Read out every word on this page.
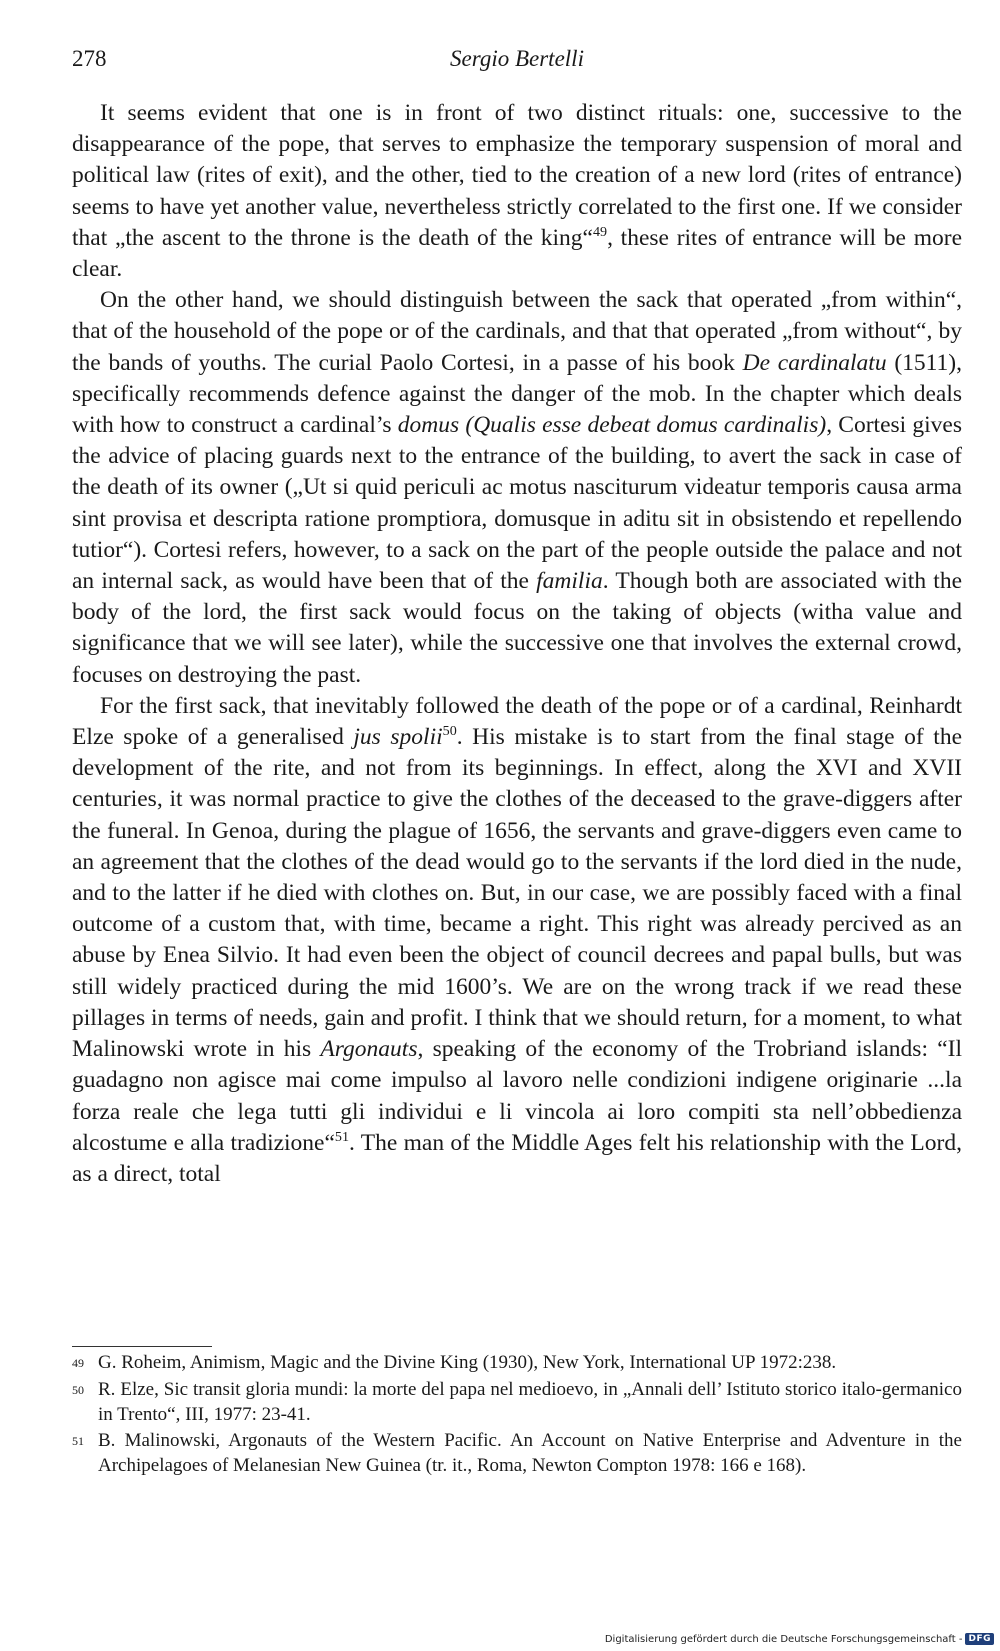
278	Sergio Bertelli

It seems evident that one is in front of two distinct rituals: one, successive to the disappearance of the pope, that serves to emphasize the temporary suspension of moral and political law (rites of exit), and the other, tied to the creation of a new lord (rites of entrance) seems to have yet another value, nevertheless strictly correlated to the first one. If we consider that „the ascent to the throne is the death of the king“$^{49}$, these rites of entrance will be more clear.

On the other hand, we should distinguish between the sack that operated „from within“, that of the household of the pope or of the cardinals, and that that operated „from without“, by the bands of youths. The curial Paolo Cortesi, in a passe of his book De cardinalatu (1511), specifically recommends defence against the danger of the mob. In the chapter which deals with how to construct a cardinal’s domus (Qualis esse debeat domus cardinalis), Cortesi gives the advice of placing guards next to the entrance of the building, to avert the sack in case of the death of its owner („Ut si quid periculi ac motus nasciturum videatur temporis causa arma sint provisa et descripta ratione promptiora, domusque in aditu sit in obsistendo et repellendo tutior“). Cortesi refers, however, to a sack on the part of the people outside the palace and not an internal sack, as would have been that of the familia. Though both are associated with the body of the lord, the first sack would focus on the taking of objects (witha value and significance that we will see later), while the successive one that involves the external crowd, focuses on destroying the past.

For the first sack, that inevitably followed the death of the pope or of a cardinal, Reinhardt Elze spoke of a generalised jus spolii$^{50}$. His mistake is to start from the final stage of the development of the rite, and not from its beginnings. In effect, along the XVI and XVII centuries, it was normal practice to give the clothes of the deceased to the grave-diggers after the funeral. In Genoa, during the plague of 1656, the servants and grave-diggers even came to an agreement that the clothes of the dead would go to the servants if the lord died in the nude, and to the latter if he died with clothes on. But, in our case, we are possibly faced with a final outcome of a custom that, with time, became a right. This right was already percived as an abuse by Enea Silvio. It had even been the object of council decrees and papal bulls, but was still widely practiced during the mid 1600’s. We are on the wrong track if we read these pillages in terms of needs, gain and profit. I think that we should return, for a moment, to what Malinowski wrote in his Argonauts, speaking of the economy of the Trobriand islands: “Il guadagno non agisce mai come impulso al lavoro nelle condizioni indigene originarie ...la forza reale che lega tutti gli individui e li vincola ai loro compiti sta nell’obbedienza alcostume e alla tradizione“$^{51}$. The man of the Middle Ages felt his relationship with the Lord, as a direct, total

49 G. Roheim, Animism, Magic and the Divine King (1930), New York, International UP 1972:238.
50 R. Elze, Sic transit gloria mundi: la morte del papa nel medioevo, in „Annali dell’ Istituto storico italo-germanico in Trento“, III, 1977: 23-41.
51 B. Malinowski, Argonauts of the Western Pacific. An Account on Native Enterprise and Adventure in the Archipelagoes of Melanesian New Guinea (tr. it., Roma, Newton Compton 1978: 166 e 168).
Digitalisierung gefördert durch die Deutsche Forschungsgemeinschaft - DFG
